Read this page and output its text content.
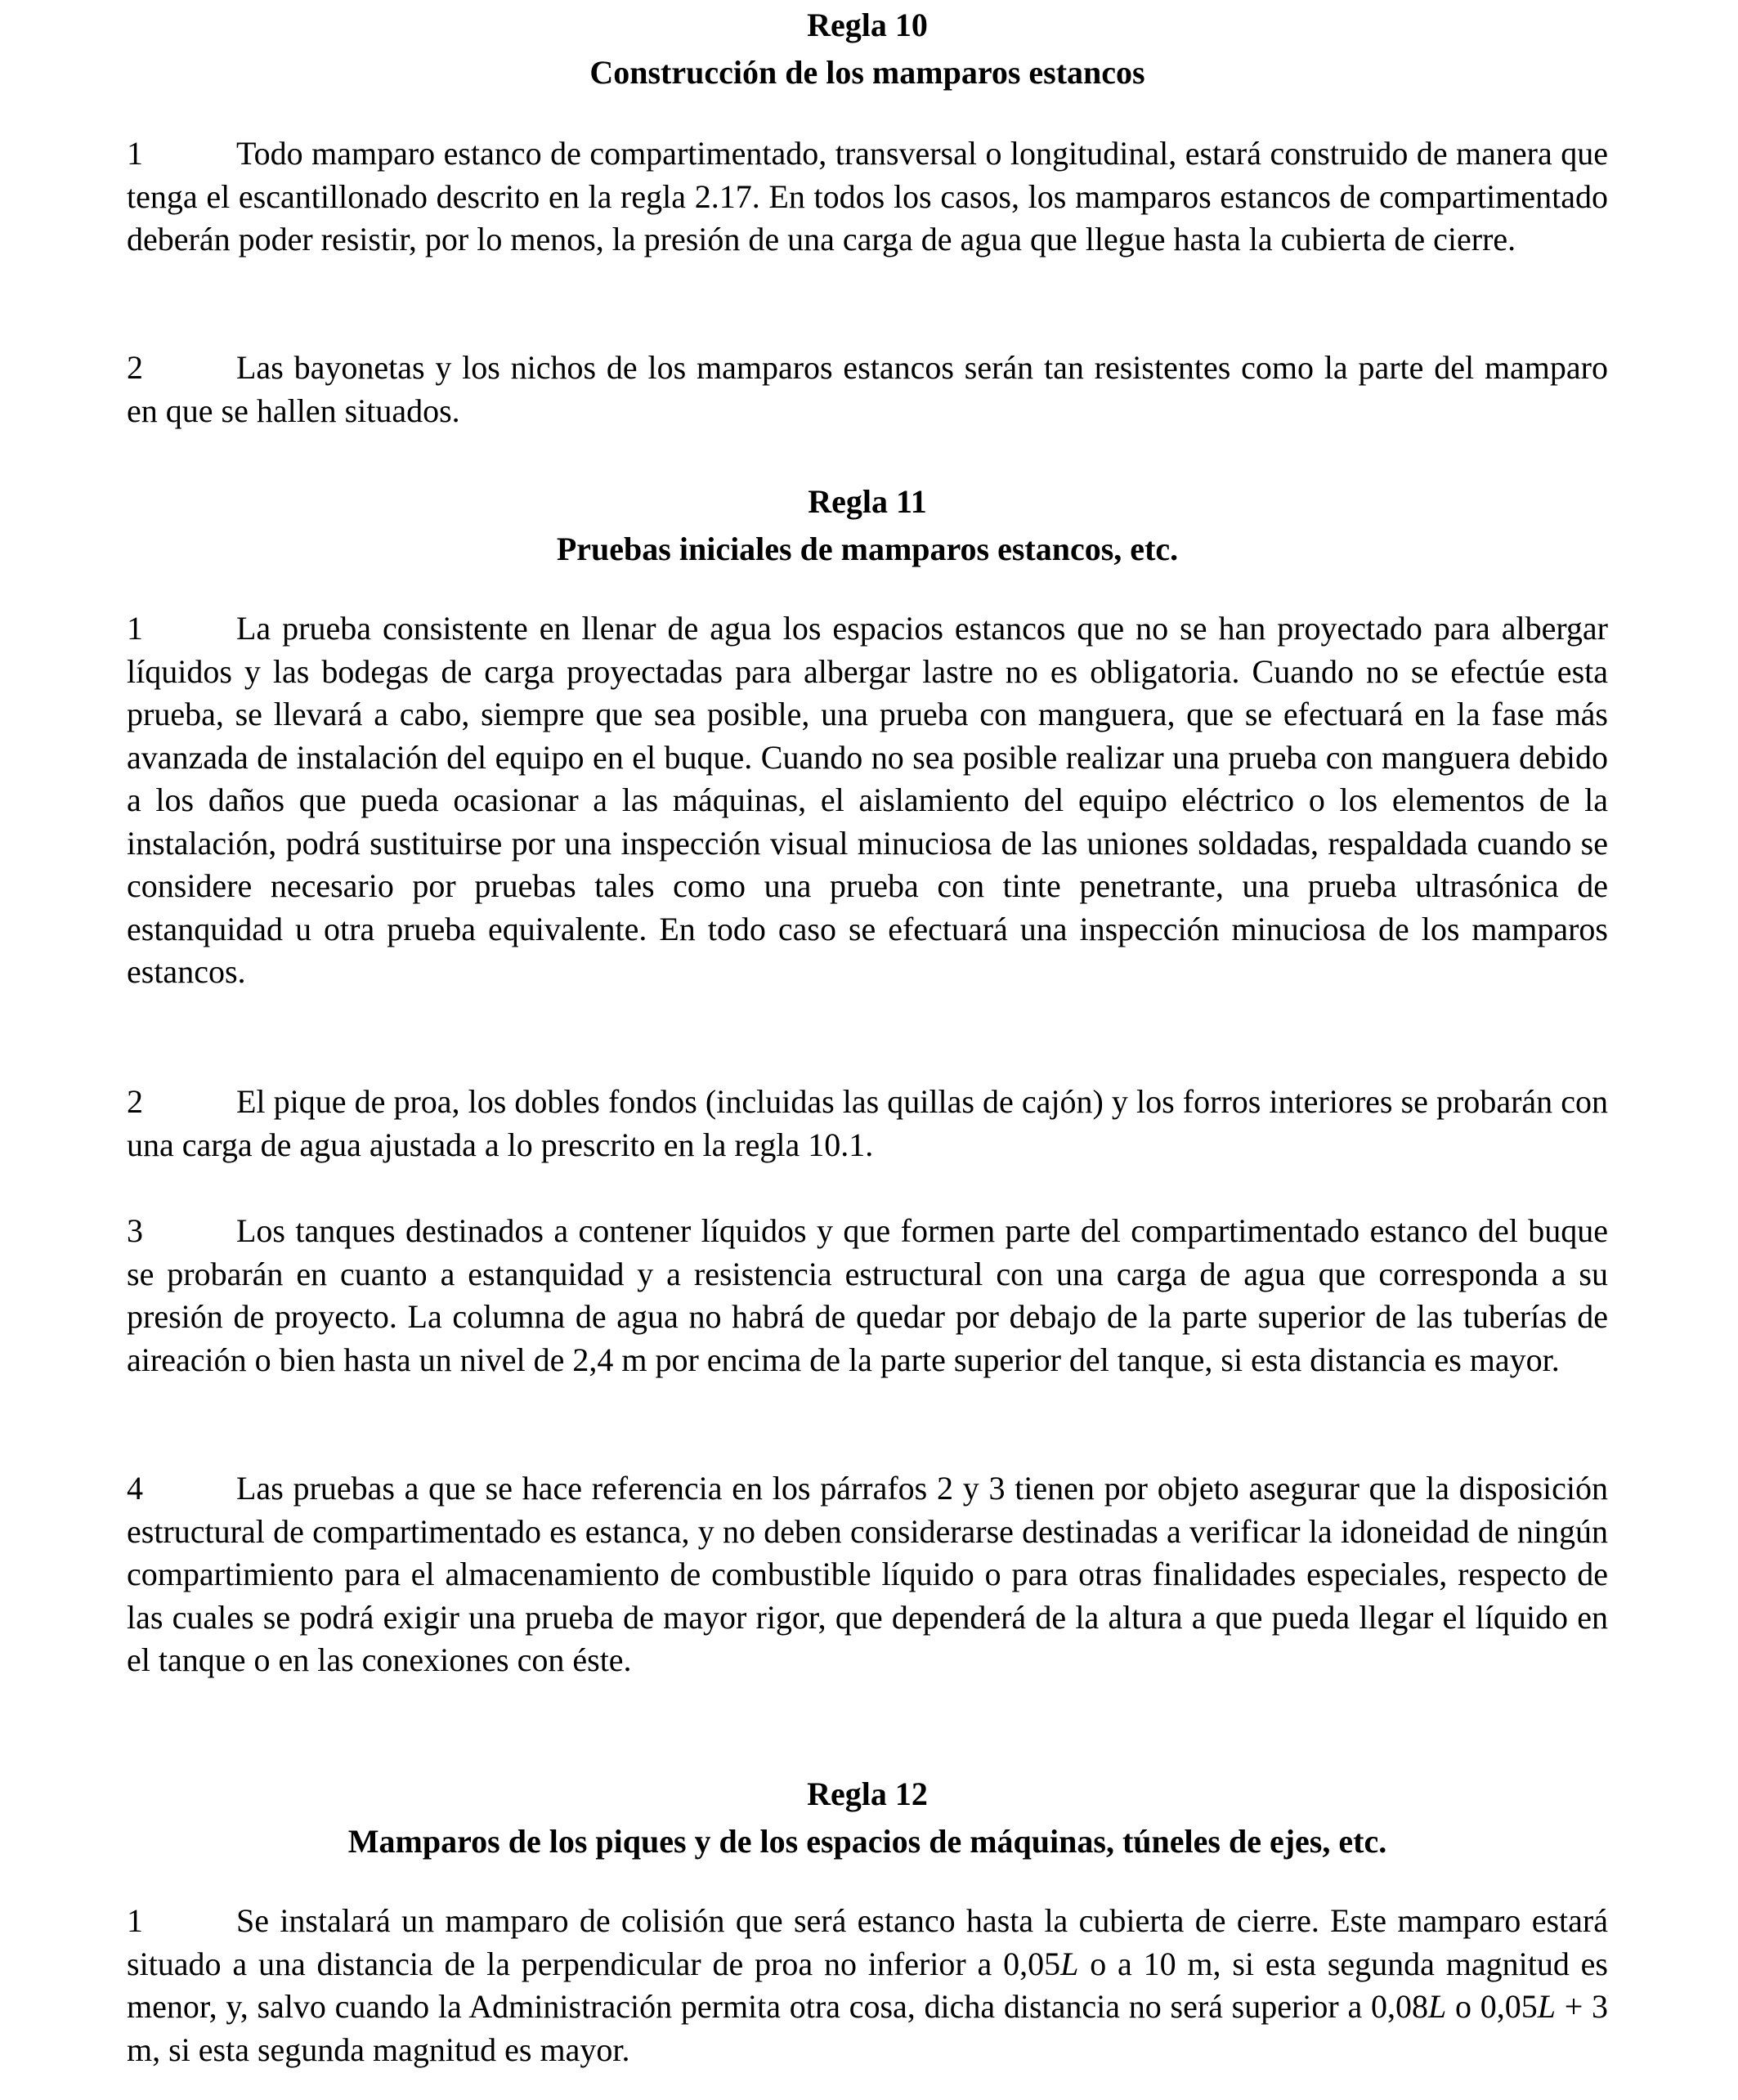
Regla 10
Construcción de los mamparos estancos

1	Todo mamparo estanco de compartimentado, transversal o longitudinal, estará construido de manera que tenga el escantillonado descrito en la regla 2.17. En todos los casos, los mamparos estancos de compartimentado deberán poder resistir, por lo menos, la presión de una carga de agua que llegue hasta la cubierta de cierre.

2	Las bayonetas y los nichos de los mamparos estancos serán tan resistentes como la parte del mamparo en que se hallen situados.

Regla 11
Pruebas iniciales de mamparos estancos, etc.

1	La prueba consistente en llenar de agua los espacios estancos que no se han proyectado para albergar líquidos y las bodegas de carga proyectadas para albergar lastre no es obligatoria. Cuando no se efectúe esta prueba, se llevará a cabo, siempre que sea posible, una prueba con manguera, que se efectuará en la fase más avanzada de instalación del equipo en el buque. Cuando no sea posible realizar una prueba con manguera debido a los daños que pueda ocasionar a las máquinas, el aislamiento del equipo eléctrico o los elementos de la instalación, podrá sustituirse por una inspección visual minuciosa de las uniones soldadas, respaldada cuando se considere necesario por pruebas tales como una prueba con tinte penetrante, una prueba ultrasónica de estanquidad u otra prueba equivalente. En todo caso se efectuará una inspección minuciosa de los mamparos estancos.

2	El pique de proa, los dobles fondos (incluidas las quillas de cajón) y los forros interiores se probarán con una carga de agua ajustada a lo prescrito en la regla 10.1.

3	Los tanques destinados a contener líquidos y que formen parte del compartimentado estanco del buque se probarán en cuanto a estanquidad y a resistencia estructural con una carga de agua que corresponda a su presión de proyecto. La columna de agua no habrá de quedar por debajo de la parte superior de las tuberías de aireación o bien hasta un nivel de 2,4 m por encima de la parte superior del tanque, si esta distancia es mayor.

4	Las pruebas a que se hace referencia en los párrafos 2 y 3 tienen por objeto asegurar que la disposición estructural de compartimentado es estanca, y no deben considerarse destinadas a verificar la idoneidad de ningún compartimiento para el almacenamiento de combustible líquido o para otras finalidades especiales, respecto de las cuales se podrá exigir una prueba de mayor rigor, que dependerá de la altura a que pueda llegar el líquido en el tanque o en las conexiones con éste.

Regla 12
Mamparos de los piques y de los espacios de máquinas, túneles de ejes, etc.

1	Se instalará un mamparo de colisión que será estanco hasta la cubierta de cierre. Este mamparo estará situado a una distancia de la perpendicular de proa no inferior a 0,05L o a 10 m, si esta segunda magnitud es menor, y, salvo cuando la Administración permita otra cosa, dicha distancia no será superior a 0,08L o 0,05L + 3 m, si esta segunda magnitud es mayor.
